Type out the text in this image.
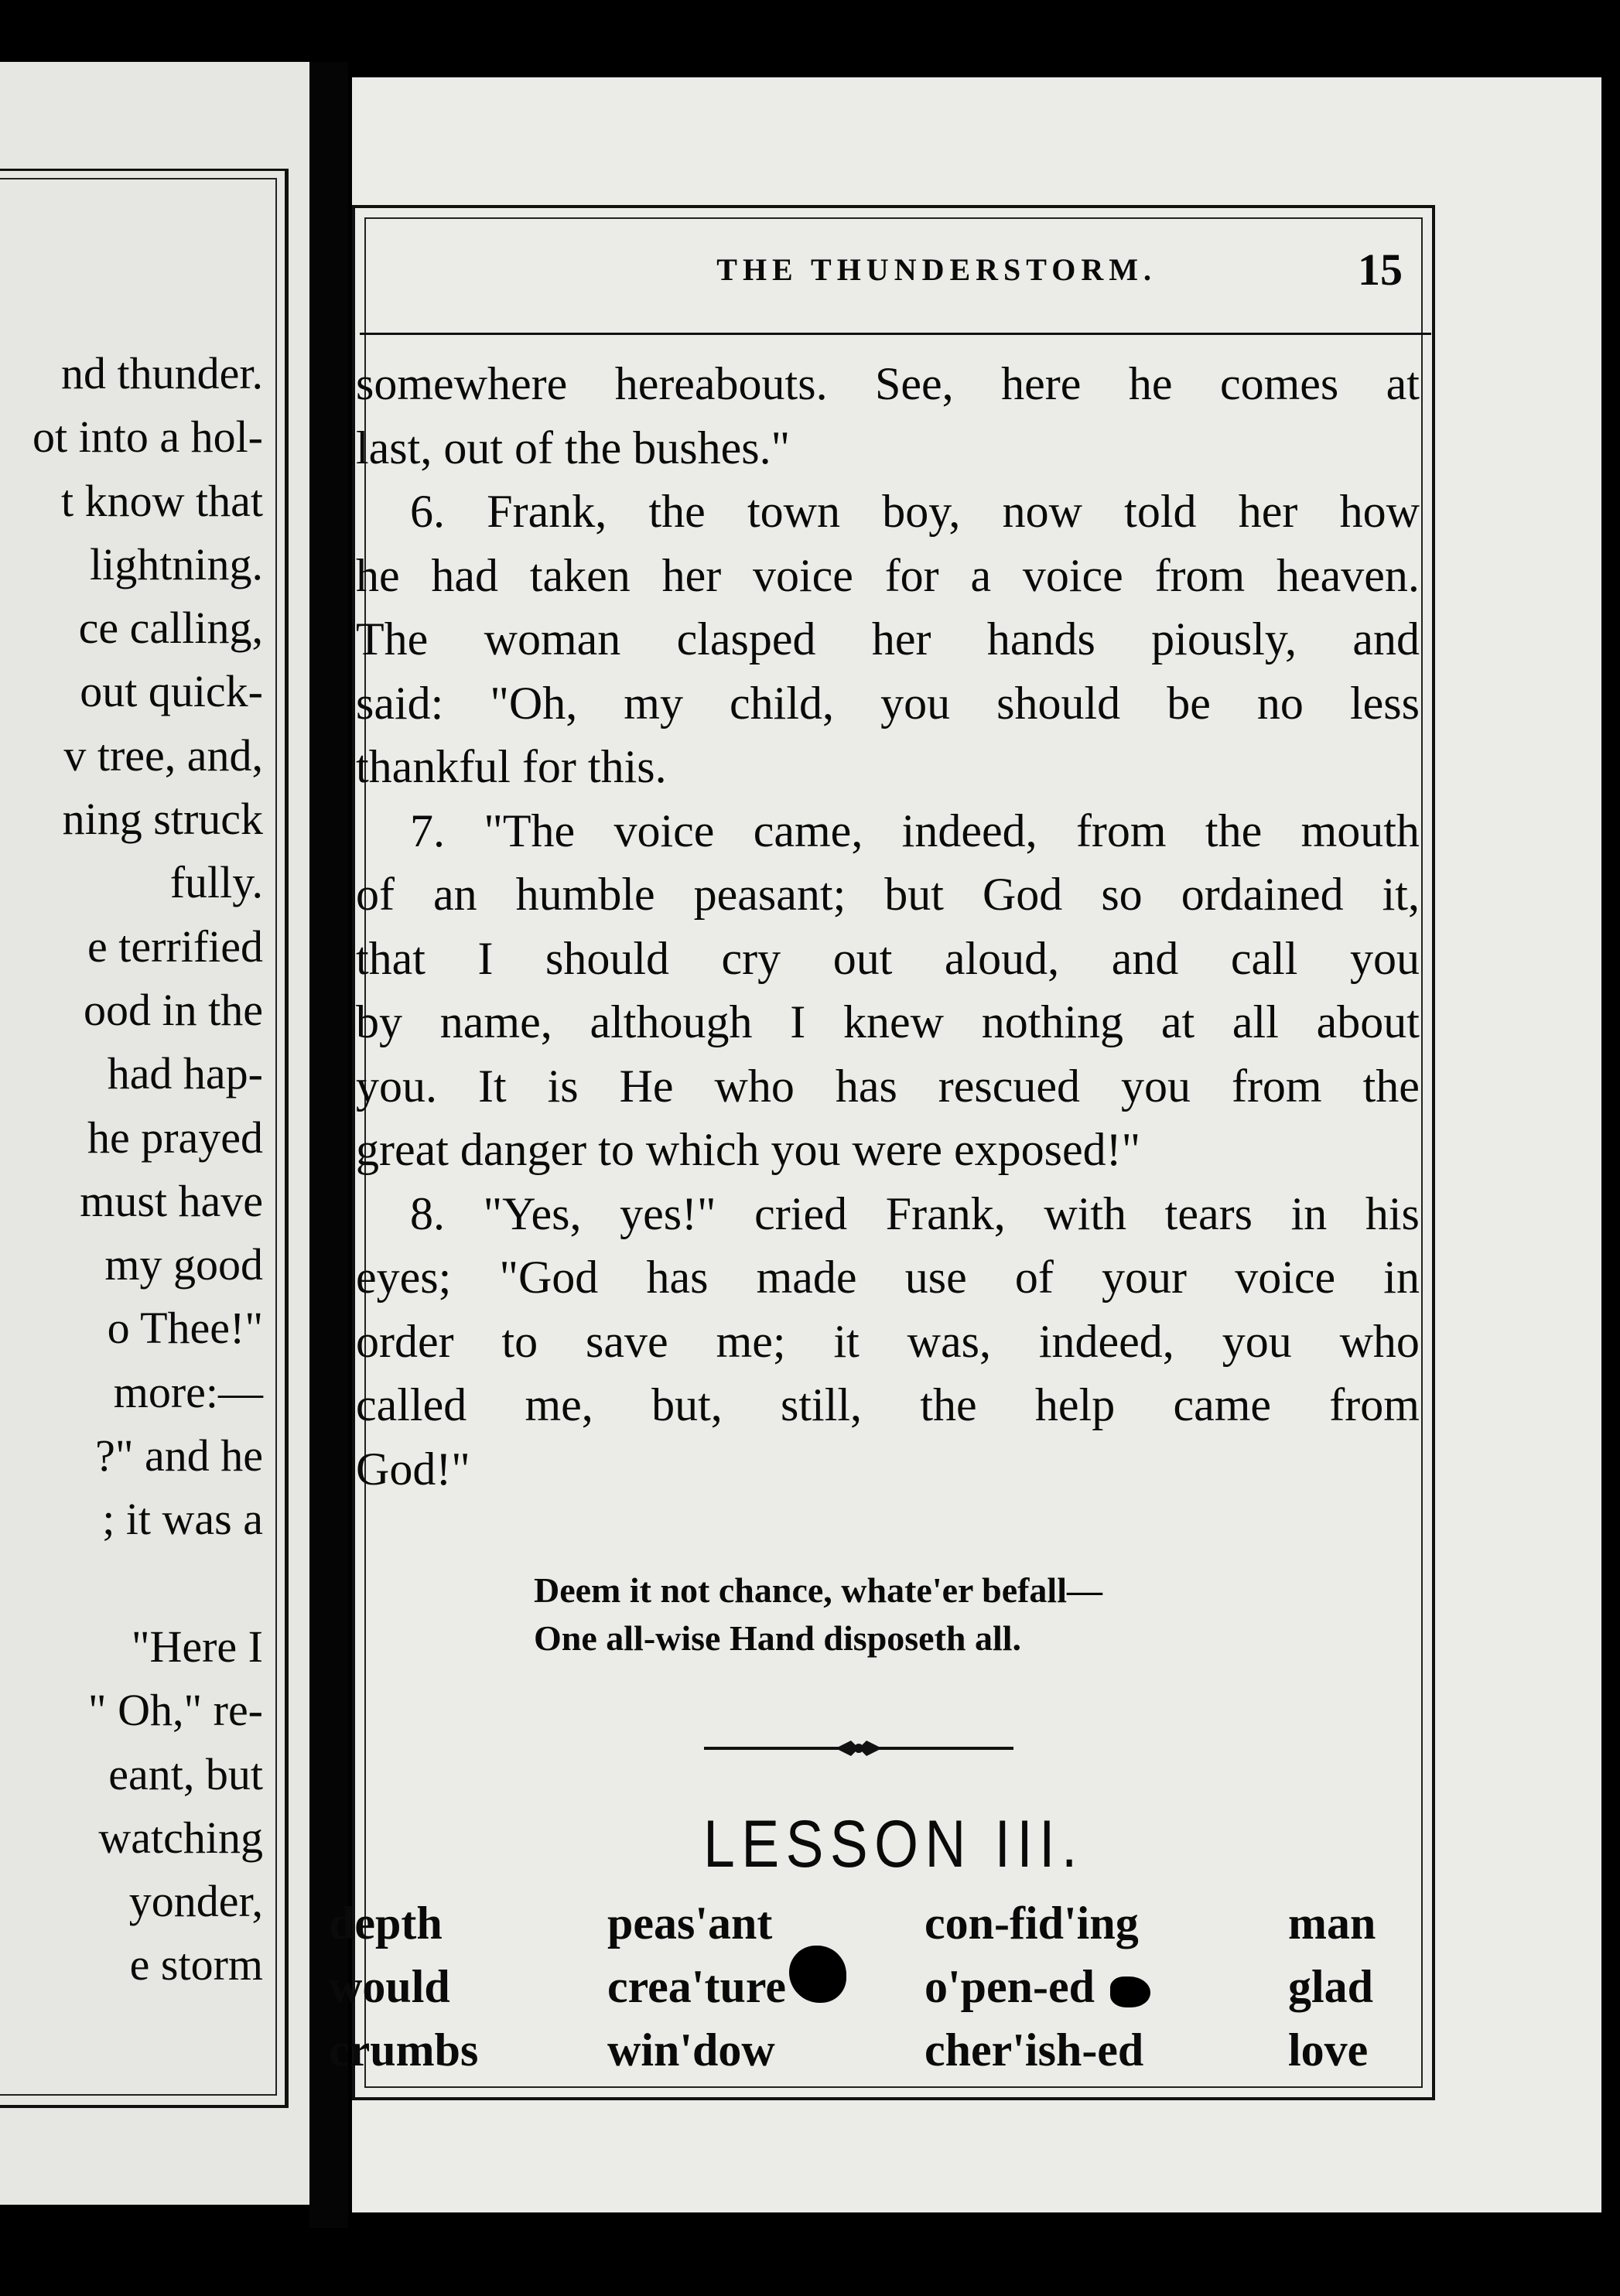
nd thunder.
ot into a hol-
t know that
lightning.
ce calling,
out quick-
v tree, and,
ning struck
fully.
e terrified
ood in the
had hap-
he prayed
must have
my good
o Thee!"
more:—
?" and he
; it was a
"Here I
" Oh," re-
eant, but
watching
yonder,
e storm
THE THUNDERSTORM.	15
somewhere hereabouts. See, here he comes at
last, out of the bushes."
6. Frank, the town boy, now told her how
he had taken her voice for a voice from heaven.
The woman clasped her hands piously, and
said: "Oh, my child, you should be no less
thankful for this.
7. "The voice came, indeed, from the mouth
of an humble peasant; but God so ordained it,
that I should cry out aloud, and call you
by name, although I knew nothing at all about
you. It is He who has rescued you from the
great danger to which you were exposed!"
8. "Yes, yes!" cried Frank, with tears in his
eyes; "God has made use of your voice in
order to save me; it was, indeed, you who
called me, but, still, the help came from
God!"
Deem it not chance, whate'er befall—
One all-wise Hand disposeth all.
LESSON III.
depth
would
crumbs
peas'ant
crea'ture
win'dow
con-fid'ing
o'pen-ed
cher'ish-ed
man
glad
love
